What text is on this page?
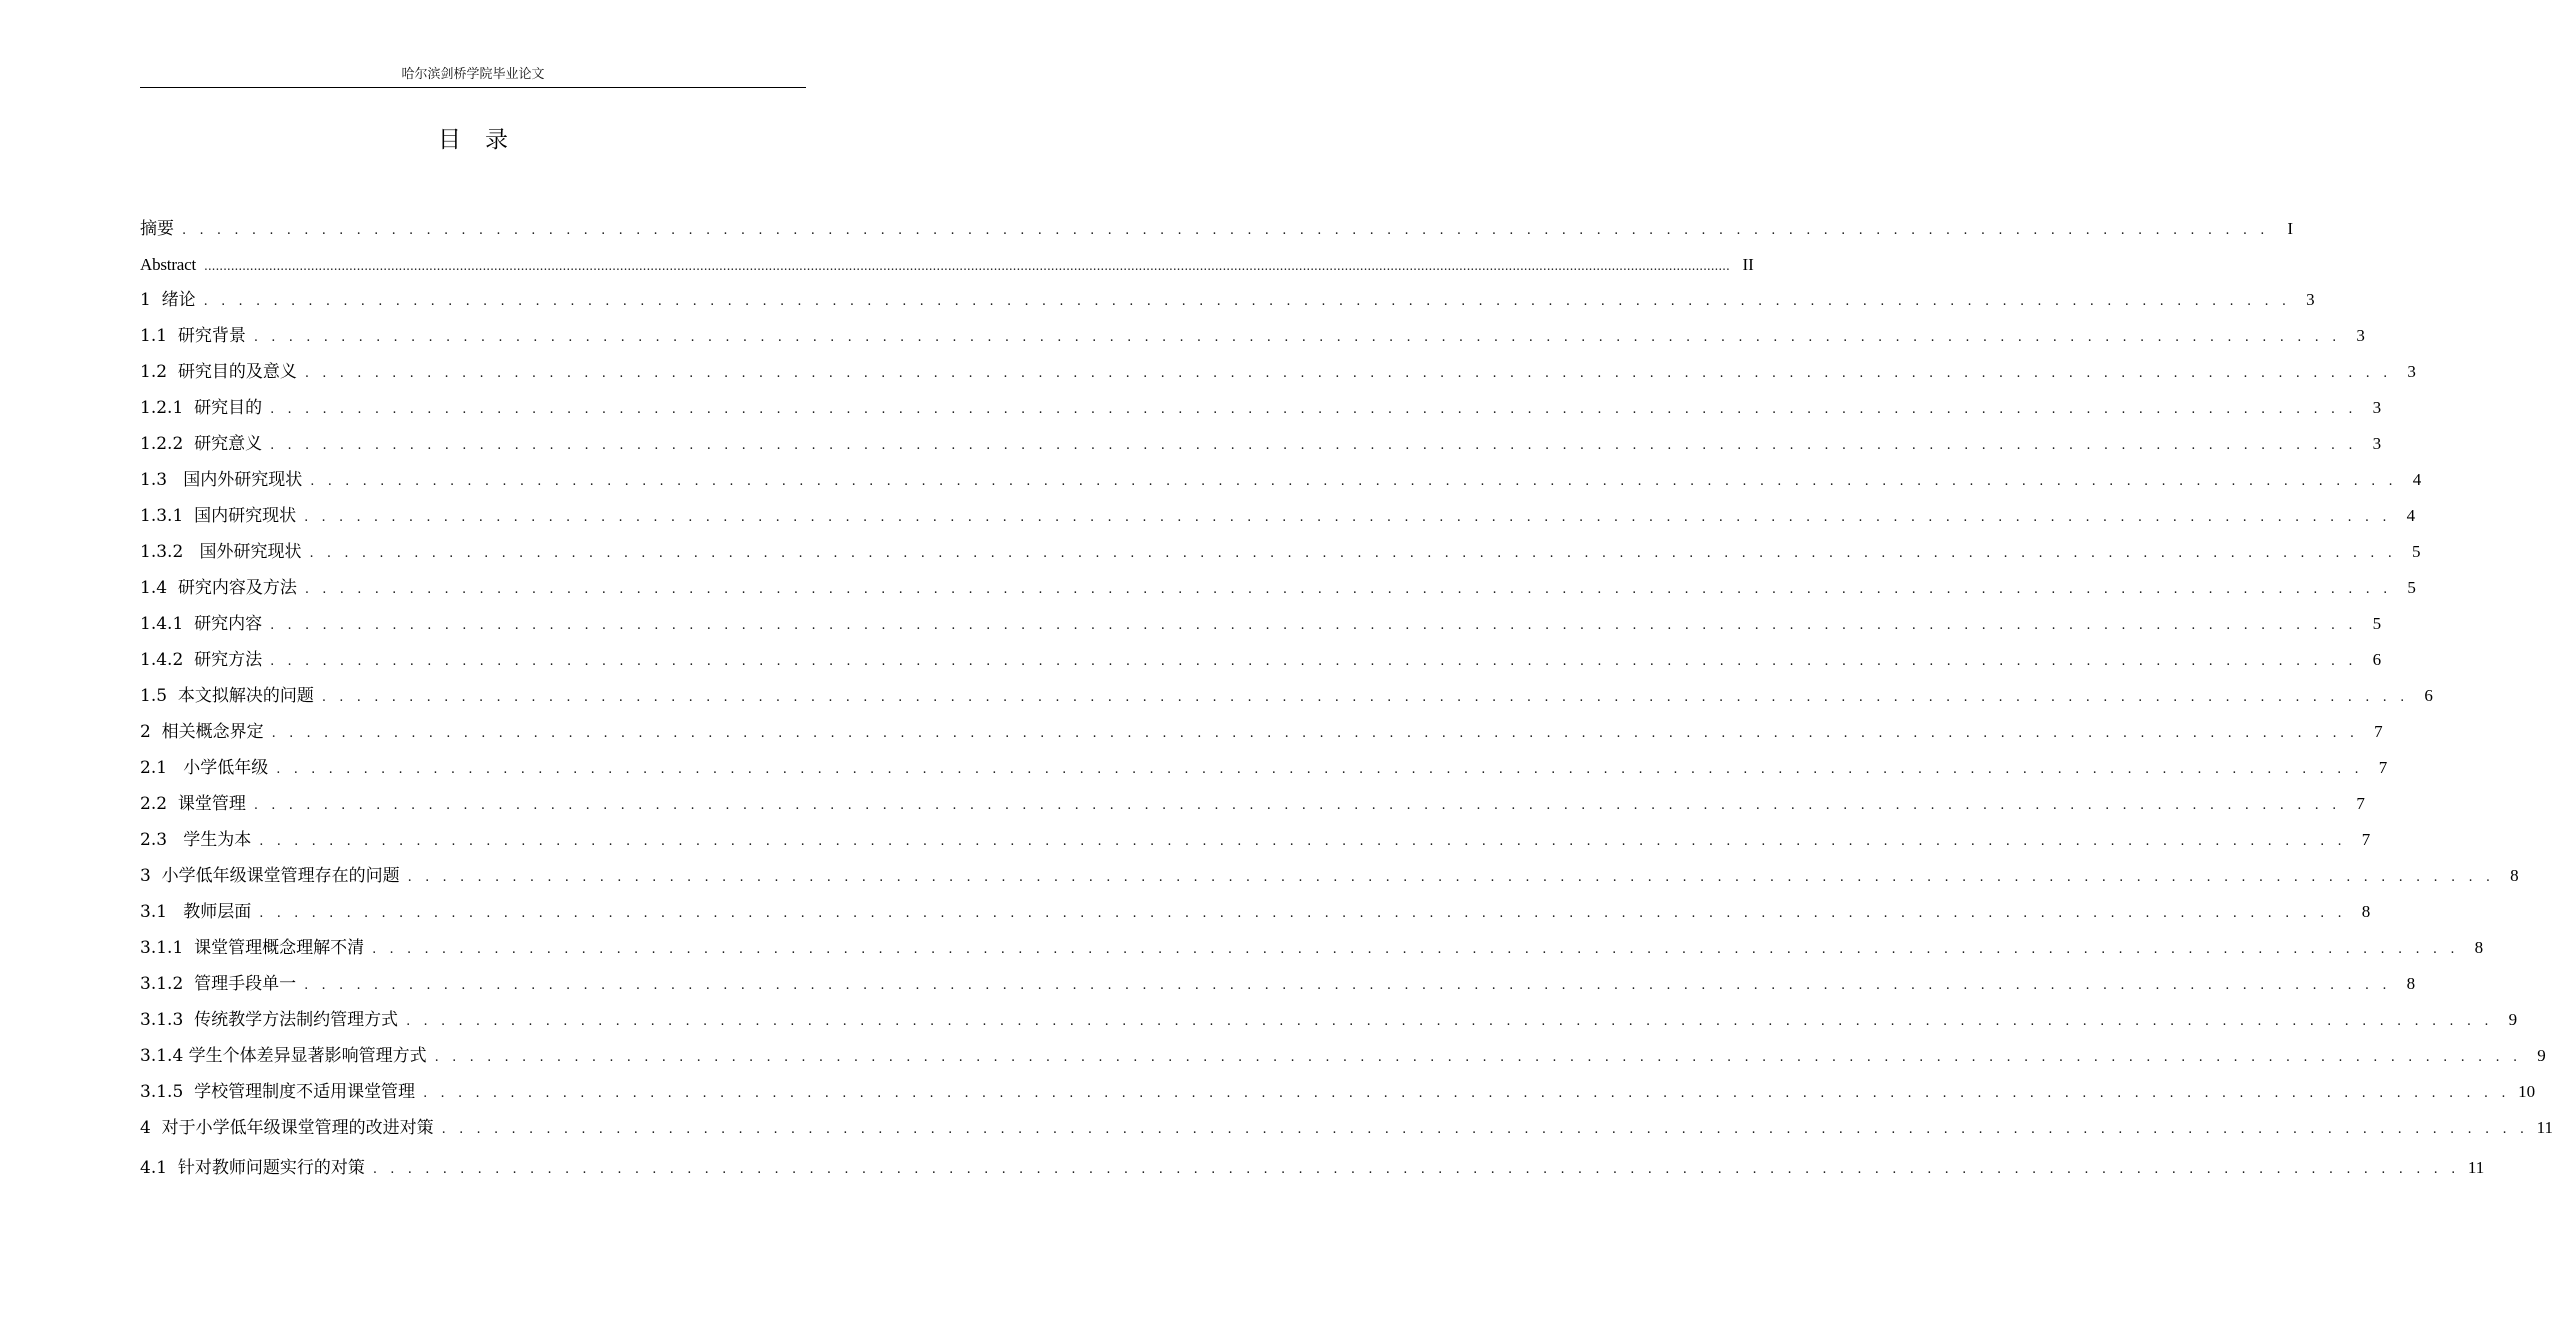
哈尔滨剑桥学院毕业论文
目录
摘要 . . . . . . . . . . . . . . . . . . . . . . . . . . . . . . . . . . . . . . . . . . . . . . . . . . . . . . . . . . . . . . . . . . . . . . . . . . . . . . . . . . . . . . . . . . . . . . . . . . . . . . . . . . . . . . . . . . . . . . . .	I
Abstract ................................................................................................................................................................................................................................................................................................................................................................................................................ II
1  绪论 . . . . . . . . . . . . . . . . . . . . . . . . . . . . . . . . . . . . . . . . . . . . . . . . . . . . . . . . . . . . . . . . . . . . . . . . . . . . . . . . . . . . . . . . . . . . . . . . . . . . . . . . . . . . . . . . . . . . . . . . 3
1.1  研究背景 . . . . . . . . . . . . . . . . . . . . . . . . . . . . . . . . . . . . . . . . . . . . . . . . . . . . . . . . . . . . . . . . . . . . . . . . . . . . . . . . . . . . . . . . . . . . . . . . . . . . . . . . . . . . . . . . . . . . . . . . 3
1.2  研究目的及意义 . . . . . . . . . . . . . . . . . . . . . . . . . . . . . . . . . . . . . . . . . . . . . . . . . . . . . . . . . . . . . . . . . . . . . . . . . . . . . . . . . . . . . . . . . . . . . . . . . . . . . . . . . . . . . . . . . . . . . . . . 3
1.2.1  研究目的 . . . . . . . . . . . . . . . . . . . . . . . . . . . . . . . . . . . . . . . . . . . . . . . . . . . . . . . . . . . . . . . . . . . . . . . . . . . . . . . . . . . . . . . . . . . . . . . . . . . . . . . . . . . . . . . . . . . . . . . . 3
1.2.2  研究意义 . . . . . . . . . . . . . . . . . . . . . . . . . . . . . . . . . . . . . . . . . . . . . . . . . . . . . . . . . . . . . . . . . . . . . . . . . . . . . . . . . . . . . . . . . . . . . . . . . . . . . . . . . . . . . . . . . . . . . . . . 3
1.3   国内外研究现状 . . . . . . . . . . . . . . . . . . . . . . . . . . . . . . . . . . . . . . . . . . . . . . . . . . . . . . . . . . . . . . . . . . . . . . . . . . . . . . . . . . . . . . . . . . . . . . . . . . . . . . . . . . . . . . . . . . . . . . . . 4
1.3.1  国内研究现状 . . . . . . . . . . . . . . . . . . . . . . . . . . . . . . . . . . . . . . . . . . . . . . . . . . . . . . . . . . . . . . . . . . . . . . . . . . . . . . . . . . . . . . . . . . . . . . . . . . . . . . . . . . . . . . . . . . . . . . . . 4
1.3.2   国外研究现状 . . . . . . . . . . . . . . . . . . . . . . . . . . . . . . . . . . . . . . . . . . . . . . . . . . . . . . . . . . . . . . . . . . . . . . . . . . . . . . . . . . . . . . . . . . . . . . . . . . . . . . . . . . . . . . . . . . . . . . . . 5
1.4  研究内容及方法 . . . . . . . . . . . . . . . . . . . . . . . . . . . . . . . . . . . . . . . . . . . . . . . . . . . . . . . . . . . . . . . . . . . . . . . . . . . . . . . . . . . . . . . . . . . . . . . . . . . . . . . . . . . . . . . . . . . . . . . . 5
1.4.1  研究内容 . . . . . . . . . . . . . . . . . . . . . . . . . . . . . . . . . . . . . . . . . . . . . . . . . . . . . . . . . . . . . . . . . . . . . . . . . . . . . . . . . . . . . . . . . . . . . . . . . . . . . . . . . . . . . . . . . . . . . . . . 5
1.4.2  研究方法 . . . . . . . . . . . . . . . . . . . . . . . . . . . . . . . . . . . . . . . . . . . . . . . . . . . . . . . . . . . . . . . . . . . . . . . . . . . . . . . . . . . . . . . . . . . . . . . . . . . . . . . . . . . . . . . . . . . . . . . . 6
1.5  本文拟解决的问题 . . . . . . . . . . . . . . . . . . . . . . . . . . . . . . . . . . . . . . . . . . . . . . . . . . . . . . . . . . . . . . . . . . . . . . . . . . . . . . . . . . . . . . . . . . . . . . . . . . . . . . . . . . . . . . . . . . . . . . . . 6
2  相关概念界定 . . . . . . . . . . . . . . . . . . . . . . . . . . . . . . . . . . . . . . . . . . . . . . . . . . . . . . . . . . . . . . . . . . . . . . . . . . . . . . . . . . . . . . . . . . . . . . . . . . . . . . . . . . . . . . . . . . . . . . . . 7
2.1   小学低年级 . . . . . . . . . . . . . . . . . . . . . . . . . . . . . . . . . . . . . . . . . . . . . . . . . . . . . . . . . . . . . . . . . . . . . . . . . . . . . . . . . . . . . . . . . . . . . . . . . . . . . . . . . . . . . . . . . . . . . . . . 7
2.2  课堂管理 . . . . . . . . . . . . . . . . . . . . . . . . . . . . . . . . . . . . . . . . . . . . . . . . . . . . . . . . . . . . . . . . . . . . . . . . . . . . . . . . . . . . . . . . . . . . . . . . . . . . . . . . . . . . . . . . . . . . . . . . 7
2.3   学生为本 . . . . . . . . . . . . . . . . . . . . . . . . . . . . . . . . . . . . . . . . . . . . . . . . . . . . . . . . . . . . . . . . . . . . . . . . . . . . . . . . . . . . . . . . . . . . . . . . . . . . . . . . . . . . . . . . . . . . . . . . 7
3  小学低年级课堂管理存在的问题 . . . . . . . . . . . . . . . . . . . . . . . . . . . . . . . . . . . . . . . . . . . . . . . . . . . . . . . . . . . . . . . . . . . . . . . . . . . . . . . . . . . . . . . . . . . . . . . . . . . . . . . . . . . . . . . . . . . . . . . . 8
3.1   教师层面 . . . . . . . . . . . . . . . . . . . . . . . . . . . . . . . . . . . . . . . . . . . . . . . . . . . . . . . . . . . . . . . . . . . . . . . . . . . . . . . . . . . . . . . . . . . . . . . . . . . . . . . . . . . . . . . . . . . . . . . . 8
3.1.1  课堂管理概念理解不清 . . . . . . . . . . . . . . . . . . . . . . . . . . . . . . . . . . . . . . . . . . . . . . . . . . . . . . . . . . . . . . . . . . . . . . . . . . . . . . . . . . . . . . . . . . . . . . . . . . . . . . . . . . . . . . . . . . . . . . . . 8
3.1.2  管理手段单一 . . . . . . . . . . . . . . . . . . . . . . . . . . . . . . . . . . . . . . . . . . . . . . . . . . . . . . . . . . . . . . . . . . . . . . . . . . . . . . . . . . . . . . . . . . . . . . . . . . . . . . . . . . . . . . . . . . . . . . . . 8
3.1.3  传统教学方法制约管理方式 . . . . . . . . . . . . . . . . . . . . . . . . . . . . . . . . . . . . . . . . . . . . . . . . . . . . . . . . . . . . . . . . . . . . . . . . . . . . . . . . . . . . . . . . . . . . . . . . . . . . . . . . . . . . . . . . . . . . . . . . 9
3.1.4 学生个体差异显著影响管理方式 . . . . . . . . . . . . . . . . . . . . . . . . . . . . . . . . . . . . . . . . . . . . . . . . . . . . . . . . . . . . . . . . . . . . . . . . . . . . . . . . . . . . . . . . . . . . . . . . . . . . . . . . . . . . . . . . . . . . . . . . 9
3.1.5  学校管理制度不适用课堂管理 . . . . . . . . . . . . . . . . . . . . . . . . . . . . . . . . . . . . . . . . . . . . . . . . . . . . . . . . . . . . . . . . . . . . . . . . . . . . . . . . . . . . . . . . . . . . . . . . . . . . . . . . . . . . . . . . . . . . . . . . 10
4  对于小学低年级课堂管理的改进对策 . . . . . . . . . . . . . . . . . . . . . . . . . . . . . . . . . . . . . . . . . . . . . . . . . . . . . . . . . . . . . . . . . . . . . . . . . . . . . . . . . . . . . . . . . . . . . . . . . . . . . . . . . . . . . . . . . . . . . . . . 11
4.1  针对教师问题实行的对策 . . . . . . . . . . . . . . . . . . . . . . . . . . . . . . . . . . . . . . . . . . . . . . . . . . . . . . . . . . . . . . . . . . . . . . . . . . . . . . . . . . . . . . . . . . . . . . . . . . . . . . . . . . . . . . . . . . . . . . . . 11
